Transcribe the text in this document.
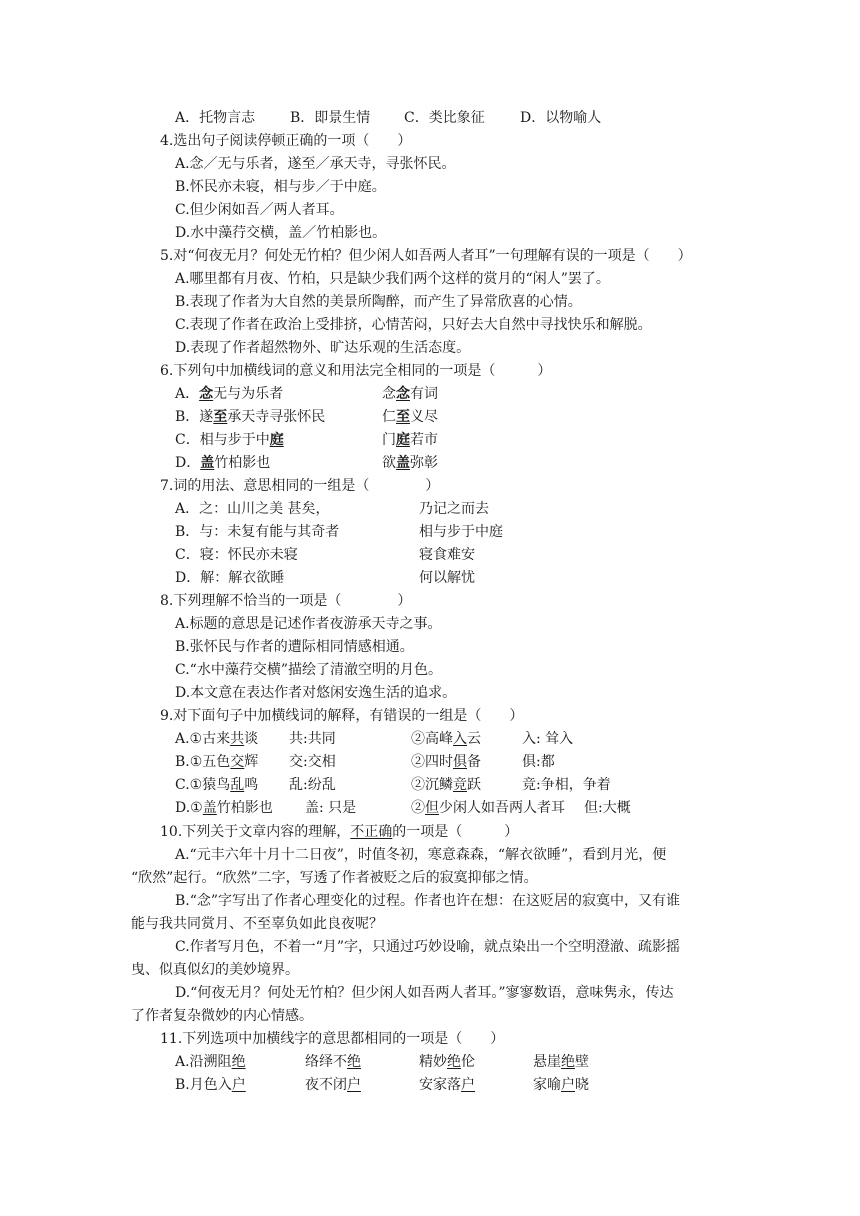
A．托物言志 B．即景生情 C．类比象征	D．以物喻人
4.选出句子阅读停顿正确的一项（　　）
A.念／无与乐者，遂至／承天寺，寻张怀民。
B.怀民亦未寝，相与步／于中庭。
C.但少闲如吾／两人者耳。
D.水中藻荇交横，盖／竹柏影也。
5.对“何夜无月？何处无竹柏？但少闲人如吾两人者耳”一句理解有误的一项是（　　）
A.哪里都有月夜、竹柏，只是缺少我们两个这样的赏月的“闲人”罢了。
B.表现了作者为大自然的美景所陶醉，而产生了异常欣喜的心情。
C.表现了作者在政治上受排挤，心情苦闷，只好去大自然中寻找快乐和解脱。
D.表现了作者超然物外、旷达乐观的生活态度。
6.下列句中加横线词的意义和用法完全相同的一项是（　　　）
A．念无与为乐者	念念有词
B．遂至承天寺寻张怀民	仁至义尽
C．相与步于中庭	门庭若市
D．盖竹柏影也	欲盖弥彰
7.词的用法、意思相同的一组是（　　　　）
A．之：山川之美 甚矣，	乃记之而去
B．与：未复有能与其奇者	相与步于中庭
C．寝：怀民亦未寝	寝食难安
D．解：解衣欲睡	何以解忧
8.下列理解不恰当的一项是（　　　　）
A.标题的意思是记述作者夜游承天寺之事。
B.张怀民与作者的遭际相同情感相通。
C.“水中藻荇交横”描绘了清澈空明的月色。
D.本文意在表达作者对悠闲安逸生活的追求。
9.对下面句子中加横线词的解释，有错误的一组是（　　）
A.①古来共谈 共:共同	②高峰入云	入: 耸入
B.①五色交辉 交:交相	②四时俱备	俱:都
C.①猿鸟乱鸣 乱:纷乱	②沉鳞竞跃	竞:争相，争着
D.①盖竹柏影也 盖: 只是	②但少闲人如吾两人者耳 但:大概
10.下列关于文章内容的理解，不正确的一项是（　　　）
A.“元丰六年十月十二日夜”，时值冬初，寒意森森，“解衣欲睡”，看到月光，便
“欣然”起行。“欣然”二字，写透了作者被贬之后的寂寞抑郁之情。
B.“念”字写出了作者心理变化的过程。作者也许在想：在这贬居的寂寞中，又有谁
能与我共同赏月、不至辜负如此良夜呢？
C.作者写月色，不着一“月”字，只通过巧妙设喻，就点染出一个空明澄澈、疏影摇
曳、似真似幻的美妙境界。
D.“何夜无月？何处无竹柏？但少闲人如吾两人者耳。”寥寥数语，意味隽永，传达
了作者复杂微妙的内心情感。
11.下列选项中加横线字的意思都相同的一项是（　　）
A.沿溯阻绝	络绎不绝	精妙绝伦	悬崖绝壁
B.月色入户	夜不闭户	安家落户	家喻户晓
